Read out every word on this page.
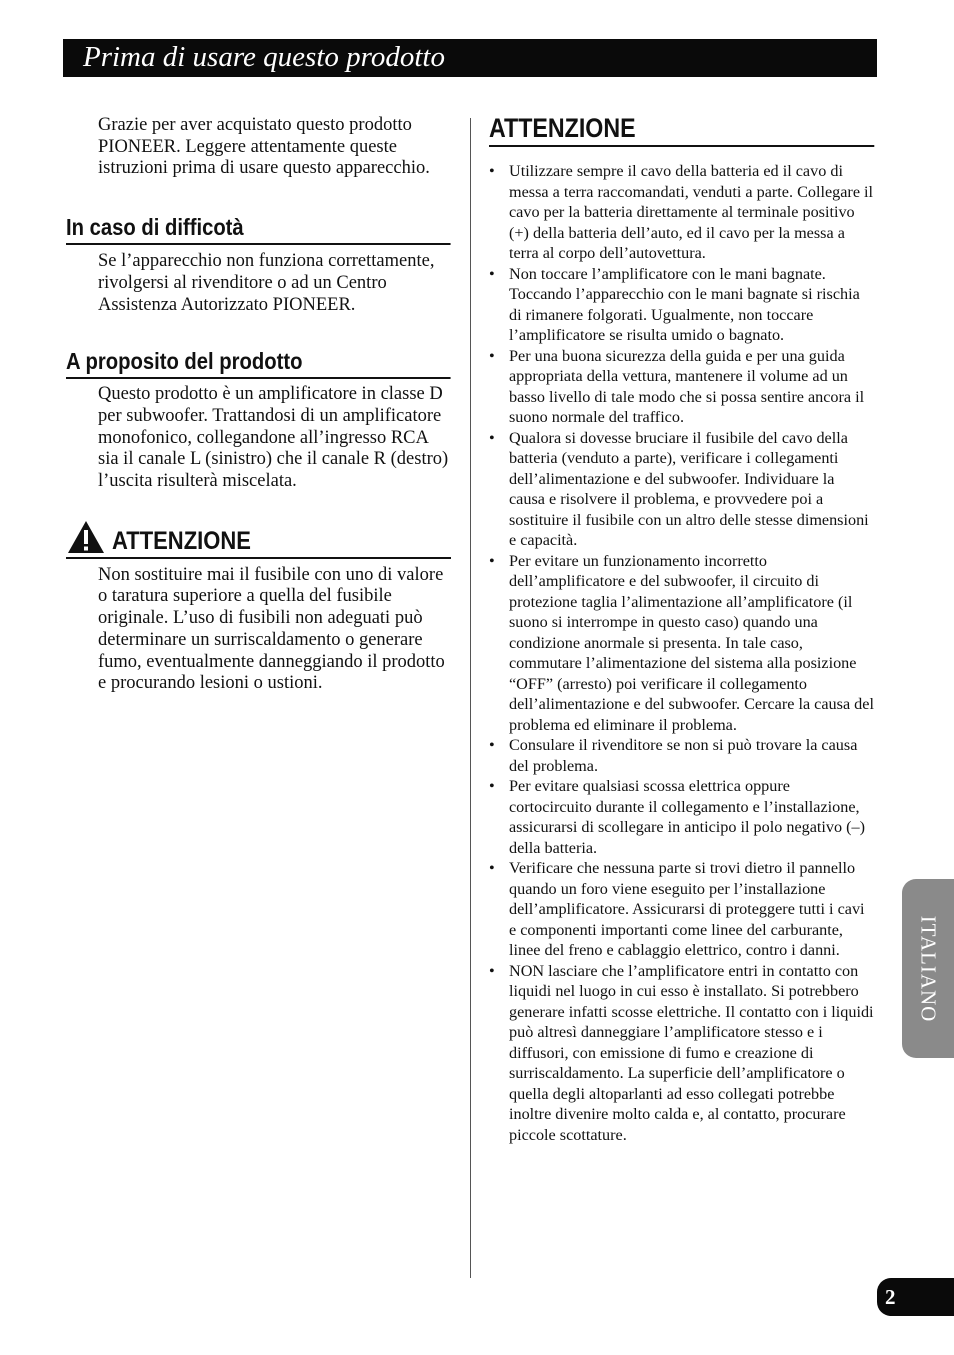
Prima di usare questo prodotto

Grazie per aver acquistato questo prodotto PIONEER. Leggere attentamente queste istruzioni prima di usare questo apparecchio.

In caso di difficotà

Se l’apparecchio non funziona correttamente, rivolgersi al rivenditore o ad un Centro Assistenza Autorizzato PIONEER.

A proposito del prodotto

Questo prodotto è un amplificatore in classe D per subwoofer. Trattandosi di un amplificatore monofonico, collegandone all’ingresso RCA sia il canale L (sinistro) che il canale R (destro) l’uscita risulterà miscelata.

ATTENZIONE

Non sostituire mai il fusibile con uno di valore o taratura superiore a quella del fusibile originale. L’uso di fusibili non adeguati può determinare un surriscaldamento o generare fumo, eventualmente danneggiando il prodotto e procurando lesioni o ustioni.

ATTENZIONE
• Utilizzare sempre il cavo della batteria ed il cavo di messa a terra raccomandati, venduti a parte. Collegare il cavo per la batteria direttamente al terminale positivo (+) della batteria dell’auto, ed il cavo per la messa a terra al corpo dell’autovettura.
• Non toccare l’amplificatore con le mani bagnate. Toccando l’apparecchio con le mani bagnate si rischia di rimanere folgorati. Ugualmente, non toccare l’amplificatore se risulta umido o bagnato.
• Per una buona sicurezza della guida e per una guida appropriata della vettura, mantenere il volume ad un basso livello di tale modo che si possa sentire ancora il suono normale del traffico.
• Qualora si dovesse bruciare il fusibile del cavo della batteria (venduto a parte), verificare i collegamenti dell’alimentazione e del subwoofer. Individuare la causa e risolvere il problema, e provvedere poi a sostituire il fusibile con un altro delle stesse dimensioni e capacità.
• Per evitare un funzionamento incorretto dell’amplificatore e del subwoofer, il circuito di protezione taglia l’alimentazione all’amplificatore (il suono si interrompe in questo caso) quando una condizione anormale si presenta. In tale caso, commutare l’alimentazione del sistema alla posizione “OFF” (arresto) poi verificare il collegamento dell’alimentazione e del subwoofer. Cercare la causa del problema ed eliminare il problema.
• Consulare il rivenditore se non si può trovare la causa del problema.
• Per evitare qualsiasi scossa elettrica oppure cortocircuito durante il collegamento e l’installazione, assicurarsi di scollegare in anticipo il polo negativo (–) della batteria.
• Verificare che nessuna parte si trovi dietro il pannello quando un foro viene eseguito per l’installazione dell’amplificatore. Assicurarsi di proteggere tutti i cavi e componenti importanti come linee del carburante, linee del freno e cablaggio elettrico, contro i danni.
• NON lasciare che l’amplificatore entri in contatto con liquidi nel luogo in cui esso è installato. Si potrebbero generare infatti scosse elettriche. Il contatto con i liquidi può altresì danneggiare l’amplificatore stesso e i diffusori, con emissione di fumo e creazione di surriscaldamento. La superficie dell’amplificatore o quella degli altoparlanti ad esso collegati potrebbe inoltre divenire molto calda e, al contatto, procurare piccole scottature.
ITALIANO
2
